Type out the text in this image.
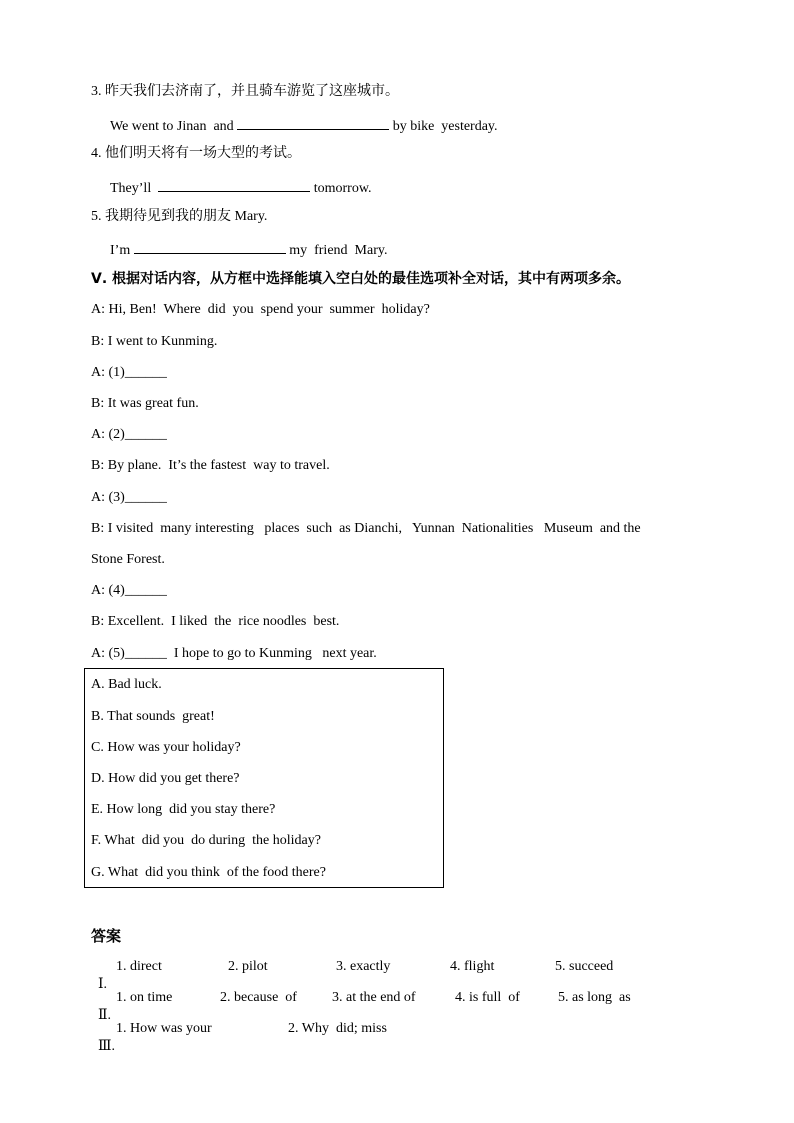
3. 昨天我们去济南了，并且骑车游览了这座城市。
We went to Jinan  and	by bike  yesterday.
4. 他们明天将有一场大型的考试。
They’ll	tomorrow.
5. 我期待见到我的朋友 Mary.
I’m	my  friend  Mary.
Ⅴ. 根据对话内容，从方框中选择能填入空白处的最佳选项补全对话，其中有两项多余。
A: Hi, Ben!  Where  did  you  spend your  summer  holiday?
B: I went to Kunming.
A: (1)______
B: It was great fun.
A: (2)______
B: By plane.  It’s the fastest  way to travel.
A: (3)______
B: I visited  many interesting   places  such  as Dianchi,   Yunnan  Nationalities   Museum  and the
Stone Forest.
A: (4)______
B: Excellent.  I liked  the  rice noodles  best.
A: (5)______  I hope to go to Kunming   next year.
A. Bad luck.
B. That sounds  great!
C. How was your holiday?
D. How did you get there?
E. How long  did you stay there?
F. What  did you  do during  the holiday?
G. What  did you think  of the food there?
答案

Ⅰ.

1. direct	2. pilot	3. exactly	4. flight	5. succeed

Ⅱ.

1. on time	2. because  of	3. at the end of	4. is full  of	5. as long  as

Ⅲ.

1. How was your	2. Why  did; miss
